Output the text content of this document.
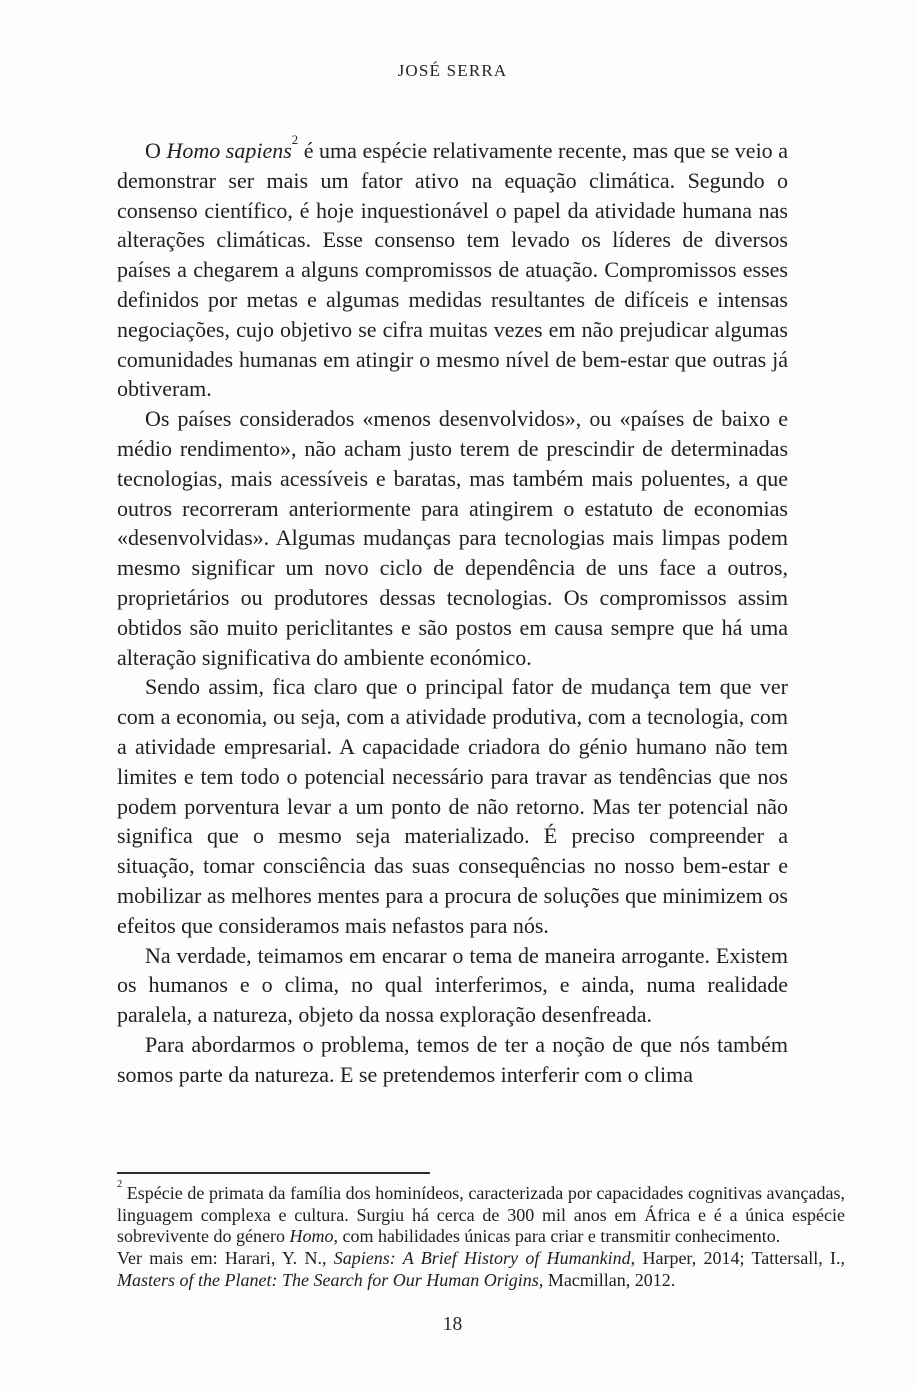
JOSÉ SERRA

O Homo sapiens$^2$ é uma espécie relativamente recente, mas que se veio a demonstrar ser mais um fator ativo na equação climática. Segundo o consenso científico, é hoje inquestionável o papel da atividade humana nas alterações climáticas. Esse consenso tem levado os líderes de diversos países a chegarem a alguns compromissos de atuação. Compromissos esses definidos por metas e algumas medidas resultantes de difíceis e intensas negociações, cujo objetivo se cifra muitas vezes em não prejudicar algumas comunidades humanas em atingir o mesmo nível de bem-estar que outras já obtiveram.

Os países considerados «menos desenvolvidos», ou «países de baixo e médio rendimento», não acham justo terem de prescindir de determinadas tecnologias, mais acessíveis e baratas, mas também mais poluentes, a que outros recorreram anteriormente para atingirem o estatuto de economias «desenvolvidas». Algumas mudanças para tecnologias mais limpas podem mesmo significar um novo ciclo de dependência de uns face a outros, proprietários ou produtores dessas tecnologias. Os compromissos assim obtidos são muito periclitantes e são postos em causa sempre que há uma alteração significativa do ambiente económico.

Sendo assim, fica claro que o principal fator de mudança tem que ver com a economia, ou seja, com a atividade produtiva, com a tecnologia, com a atividade empresarial. A capacidade criadora do génio humano não tem limites e tem todo o potencial necessário para travar as tendências que nos podem porventura levar a um ponto de não retorno. Mas ter potencial não significa que o mesmo seja materializado. É preciso compreender a situação, tomar consciência das suas consequências no nosso bem-estar e mobilizar as melhores mentes para a procura de soluções que minimizem os efeitos que consideramos mais nefastos para nós.

Na verdade, teimamos em encarar o tema de maneira arrogante. Existem os humanos e o clima, no qual interferimos, e ainda, numa realidade paralela, a natureza, objeto da nossa exploração desenfreada.

Para abordarmos o problema, temos de ter a noção de que nós também somos parte da natureza. E se pretendemos interferir com o clima

$^2$ Espécie de primata da família dos hominídeos, caracterizada por capacidades cognitivas avançadas, linguagem complexa e cultura. Surgiu há cerca de 300 mil anos em África e é a única espécie sobrevivente do género Homo, com habilidades únicas para criar e transmitir conhecimento.

Ver mais em: Harari, Y. N., Sapiens: A Brief History of Humankind, Harper, 2014; Tattersall, I., Masters of the Planet: The Search for Our Human Origins, Macmillan, 2012.

18
